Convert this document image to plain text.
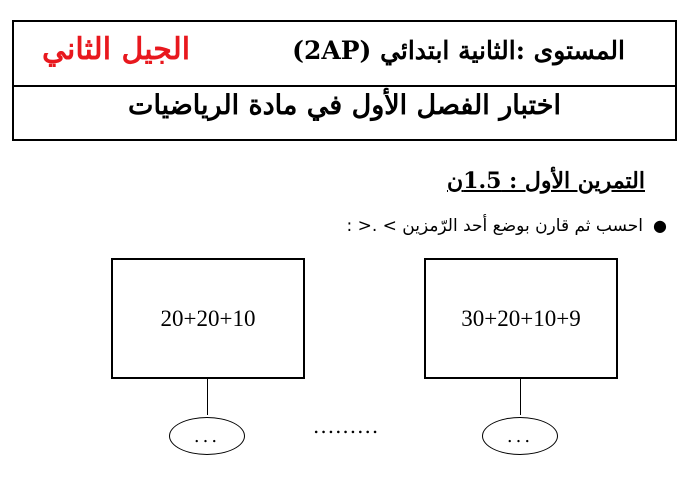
المستوى :الثانية ابتدائي (2AP)
الجيل الثاني
اختبار الفصل الأول في مادة الرياضيات
التمرين الأول : 1.5ن
●احسب ثم قارن بوضع أحد الرّمزين > .< :
20+20+10	30+20+10+9
...	...
.........
